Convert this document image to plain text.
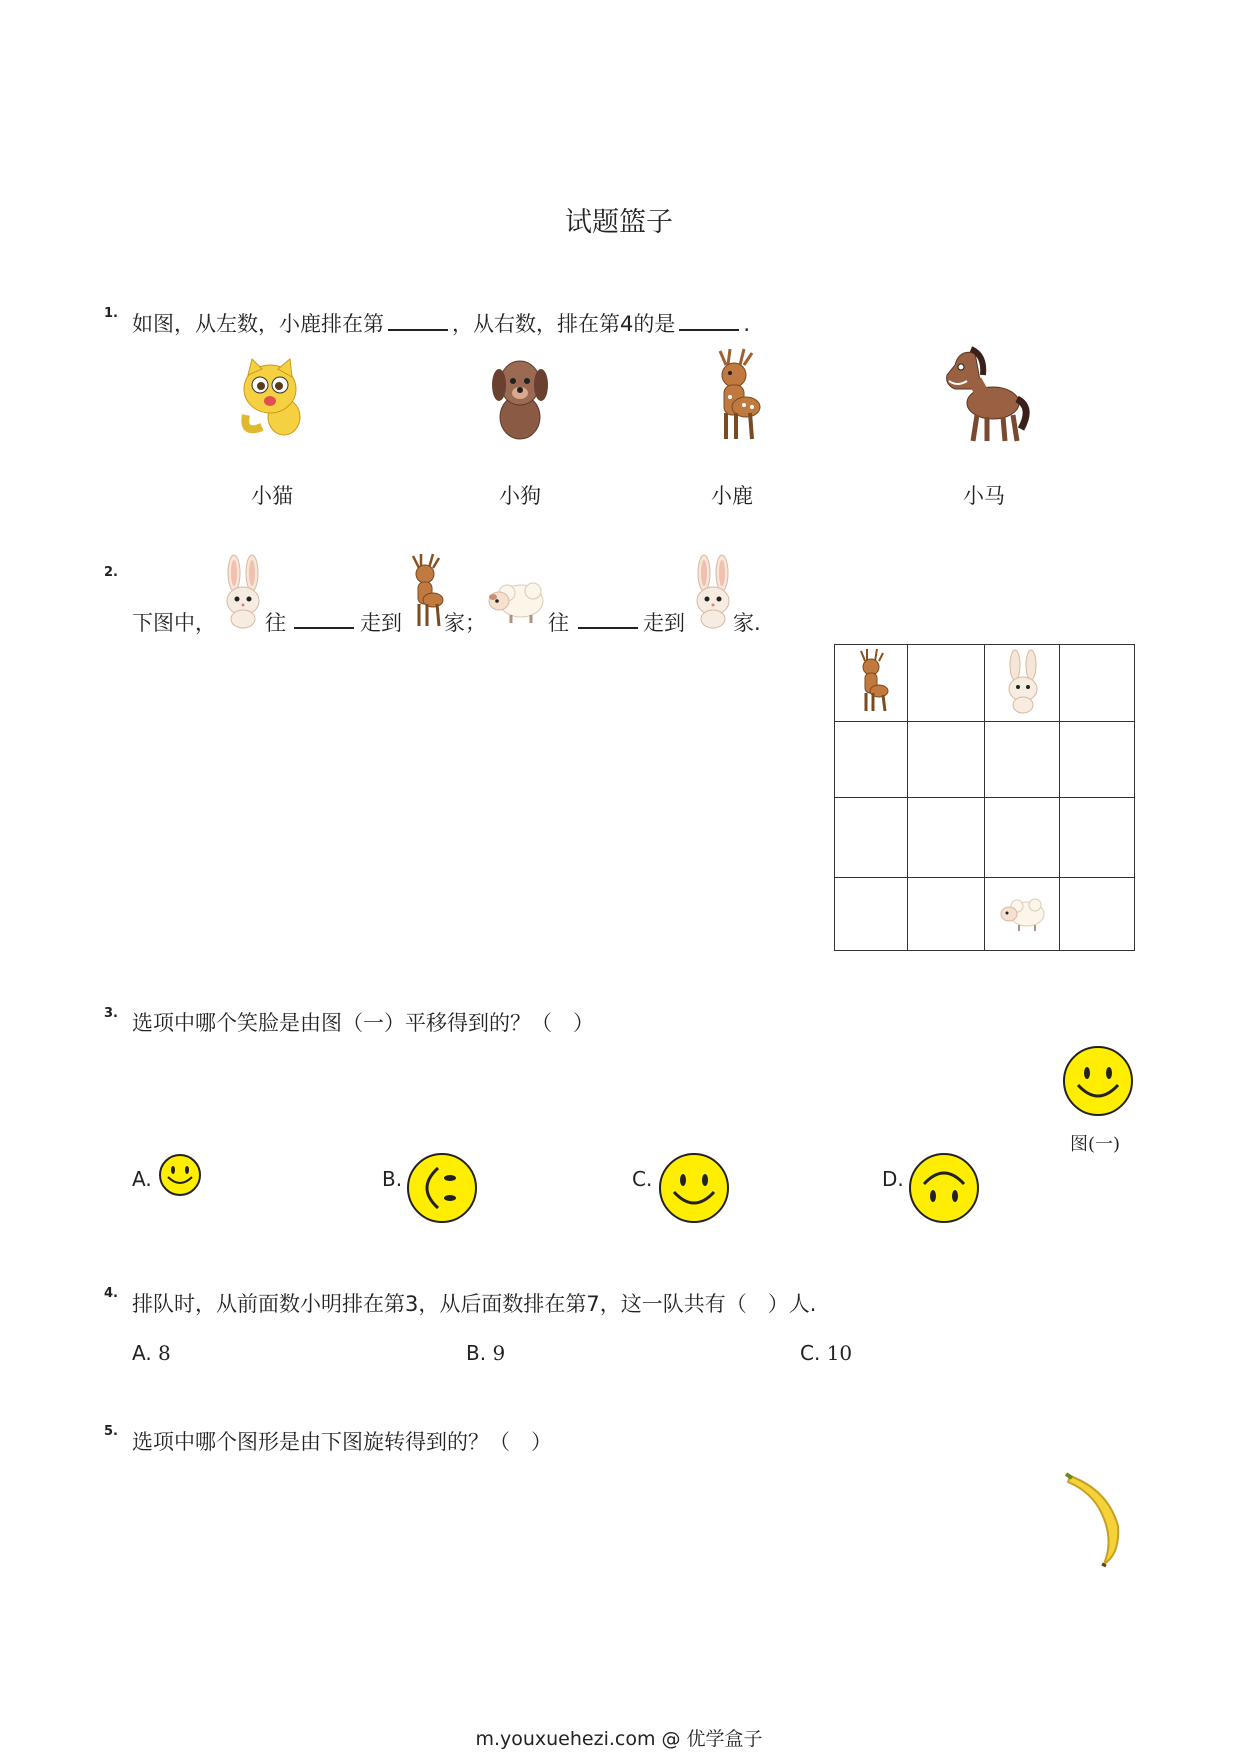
试题篮子
1. 如图，从左数，小鹿排在第	，从右数，排在第4的是	.
小猫	小狗	小鹿	小马
2.
下图中， 往	走到 家；	往	走到 家.

3. 选项中哪个笑脸是由图（一）平移得到的？（　）
图(一)
A.	B.	C.	D.
4. 排队时，从前面数小明排在第3，从后面数排在第7，这一队共有（　）人.
A. 8	B. 9	C. 10
5. 选项中哪个图形是由下图旋转得到的？（　）
m.youxuehezi.com @ 优学盒子
